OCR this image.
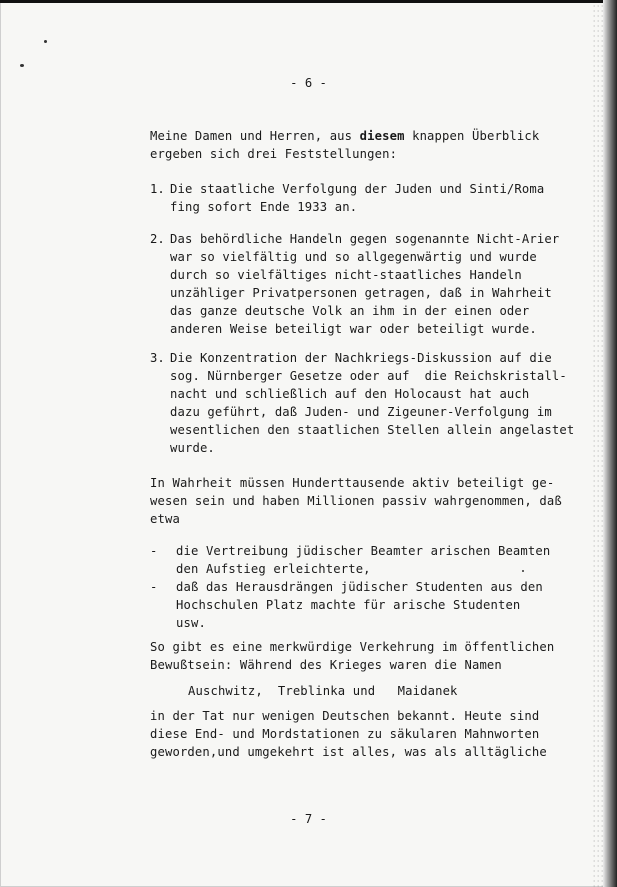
- 6 -
Meine Damen und Herren, aus diesem knappen Überblick
ergeben sich drei Feststellungen:
1. Die staatliche Verfolgung der Juden und Sinti/Roma
fing sofort Ende 1933 an.
2. Das behördliche Handeln gegen sogenannte Nicht-Arier
war so vielfältig und so allgegenwärtig und wurde
durch so vielfältiges nicht-staatliches Handeln
unzähliger Privatpersonen getragen, daß in Wahrheit
das ganze deutsche Volk an ihm in der einen oder
anderen Weise beteiligt war oder beteiligt wurde.
3. Die Konzentration der Nachkriegs-Diskussion auf die
sog. Nürnberger Gesetze oder auf  die Reichskristall-
nacht und schließlich auf den Holocaust hat auch
dazu geführt, daß Juden- und Zigeuner-Verfolgung im
wesentlichen den staatlichen Stellen allein angelastet
wurde.
In Wahrheit müssen Hunderttausende aktiv beteiligt ge-
wesen sein und haben Millionen passiv wahrgenommen, daß
etwa
- die Vertreibung jüdischer Beamter arischen Beamten
den Aufstieg erleichterte,
- daß das Herausdrängen jüdischer Studenten aus den
Hochschulen Platz machte für arische Studenten
usw.
So gibt es eine merkwürdige Verkehrung im öffentlichen
Bewußtsein: Während des Krieges waren die Namen
Auschwitz,  Treblinka und   Maidanek
in der Tat nur wenigen Deutschen bekannt. Heute sind
diese End- und Mordstationen zu säkularen Mahnworten
geworden,und umgekehrt ist alles, was als alltägliche
- 7 -
